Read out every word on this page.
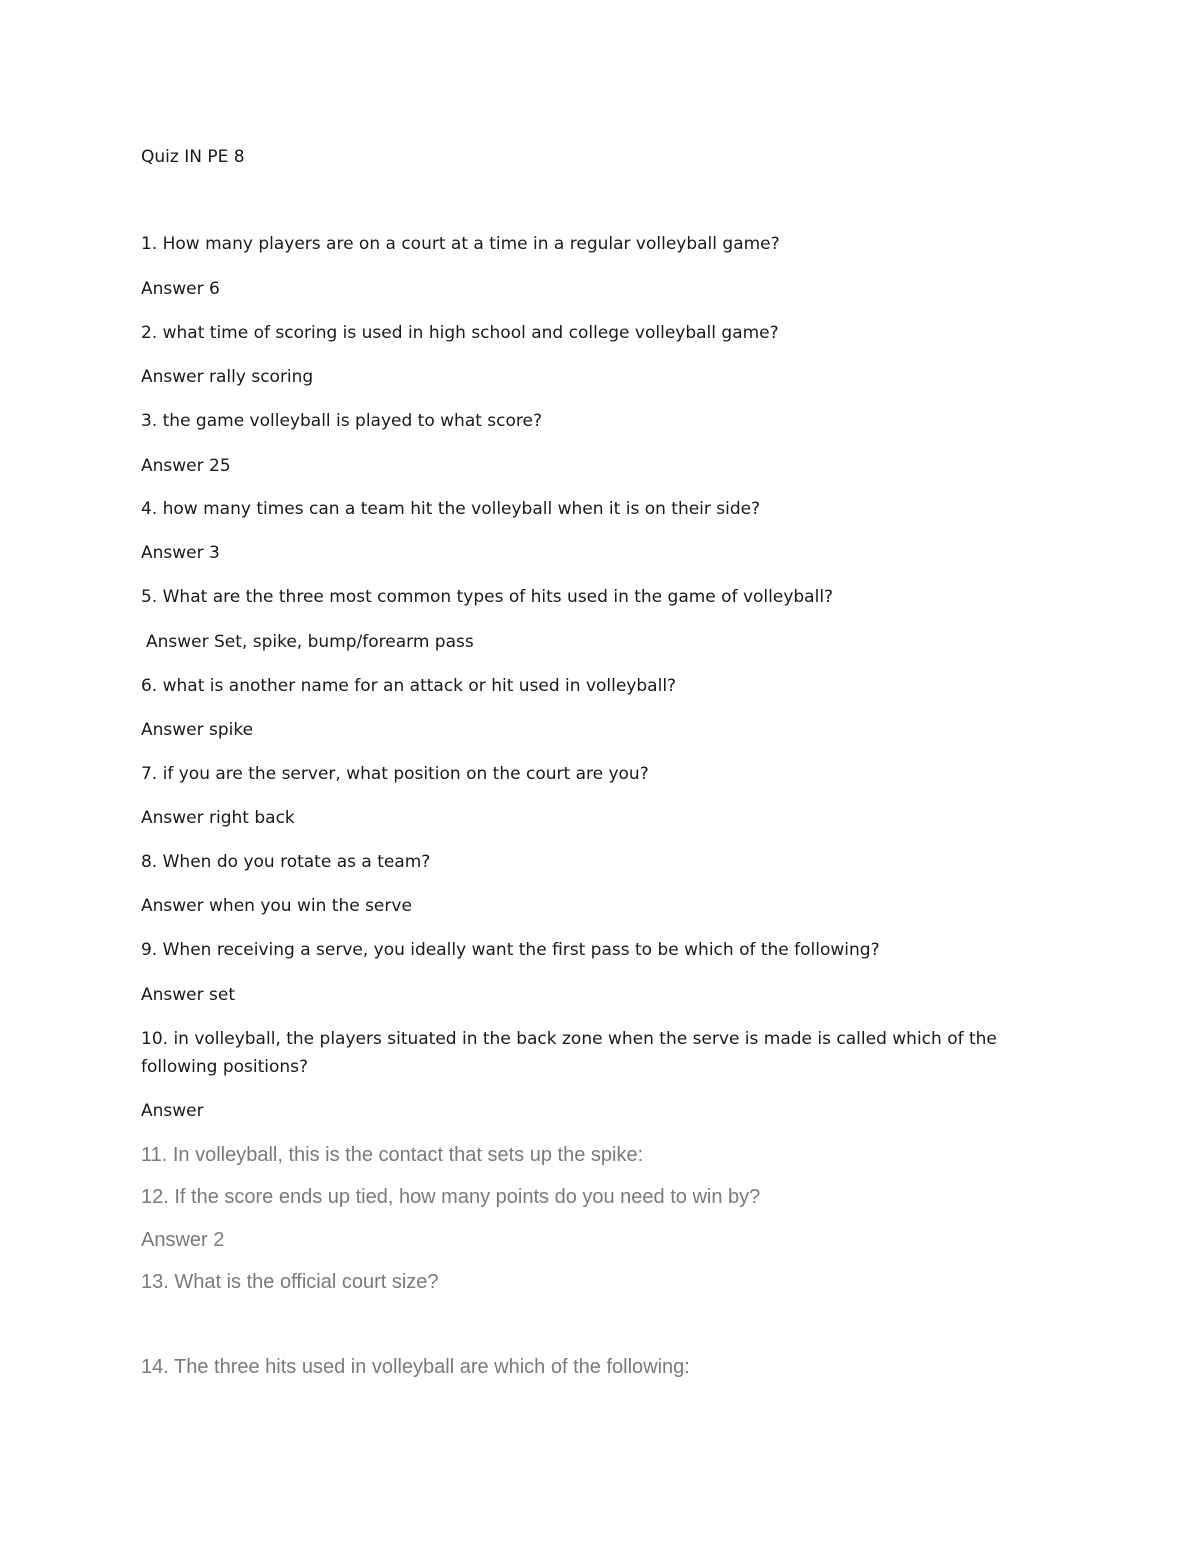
Quiz IN PE 8

1. How many players are on a court at a time in a regular volleyball game?

Answer 6

2. what time of scoring is used in high school and college volleyball game?

Answer rally scoring

3. the game volleyball is played to what score?

Answer 25

4. how many times can a team hit the volleyball when it is on their side?

Answer 3

5. What are the three most common types of hits used in the game of volleyball?

Answer Set, spike, bump/forearm pass

6. what is another name for an attack or hit used in volleyball?

Answer spike

7. if you are the server, what position on the court are you?

Answer right back

8. When do you rotate as a team?

Answer when you win the serve

9. When receiving a serve, you ideally want the first pass to be which of the following?

Answer set

10. in volleyball, the players situated in the back zone when the serve is made is called which of the following positions?

Answer

11. In volleyball, this is the contact that sets up the spike:

12. If the score ends up tied, how many points do you need to win by?

Answer 2

13. What is the official court size?

14. The three hits used in volleyball are which of the following:
